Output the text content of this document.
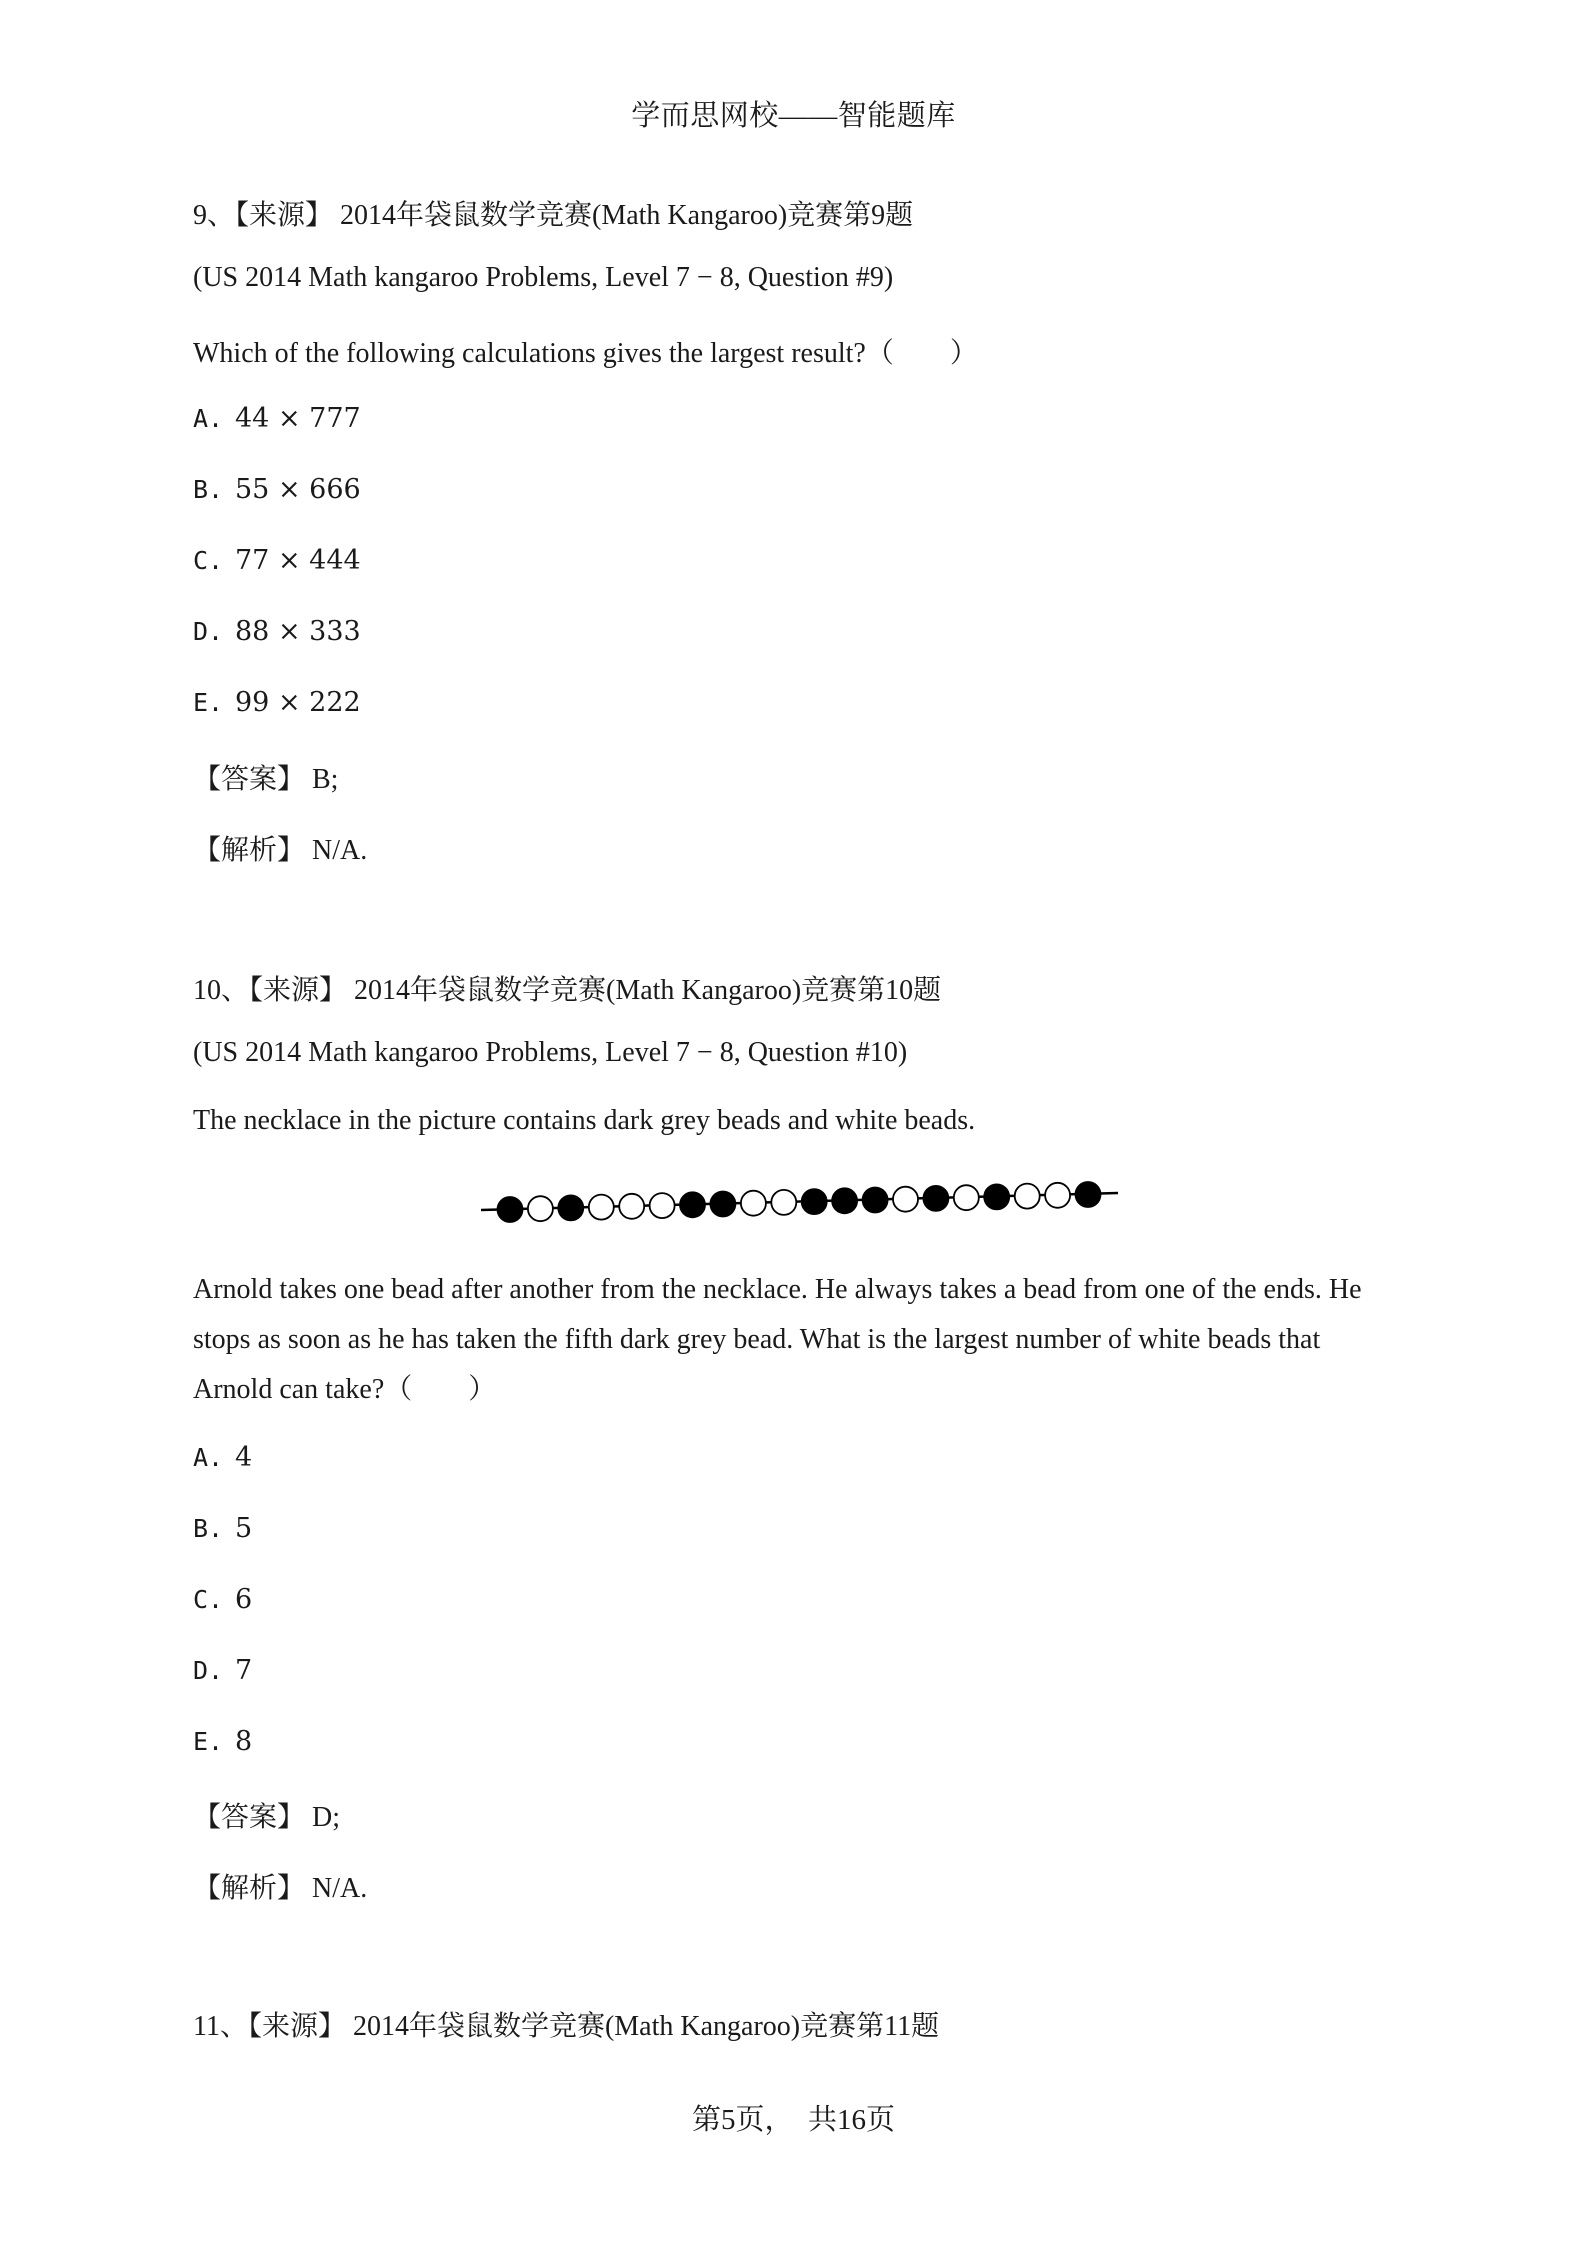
学而思网校——智能题库
9、【来源】 2014年袋鼠数学竞赛(Math Kangaroo)竞赛第9题
(US 2014 Math kangaroo Problems, Level 7 − 8, Question #9)
Which of the following calculations gives the largest result?（　　）
A. 44 × 777
B. 55 × 666
C. 77 × 444
D. 88 × 333
E. 99 × 222
【答案】 B;
【解析】 N/A.
10、【来源】 2014年袋鼠数学竞赛(Math Kangaroo)竞赛第10题
(US 2014 Math kangaroo Problems, Level 7 − 8, Question #10)
The necklace in the picture contains dark grey beads and white beads.
Arnold takes one bead after another from the necklace. He always takes a bead from one of the ends. He stops as soon as he has taken the fifth dark grey bead. What is the largest number of white beads that Arnold can take?（　　）
A. 4
B. 5
C. 6
D. 7
E. 8
【答案】 D;
【解析】 N/A.
11、【来源】 2014年袋鼠数学竞赛(Math Kangaroo)竞赛第11题
第5页，　共16页
